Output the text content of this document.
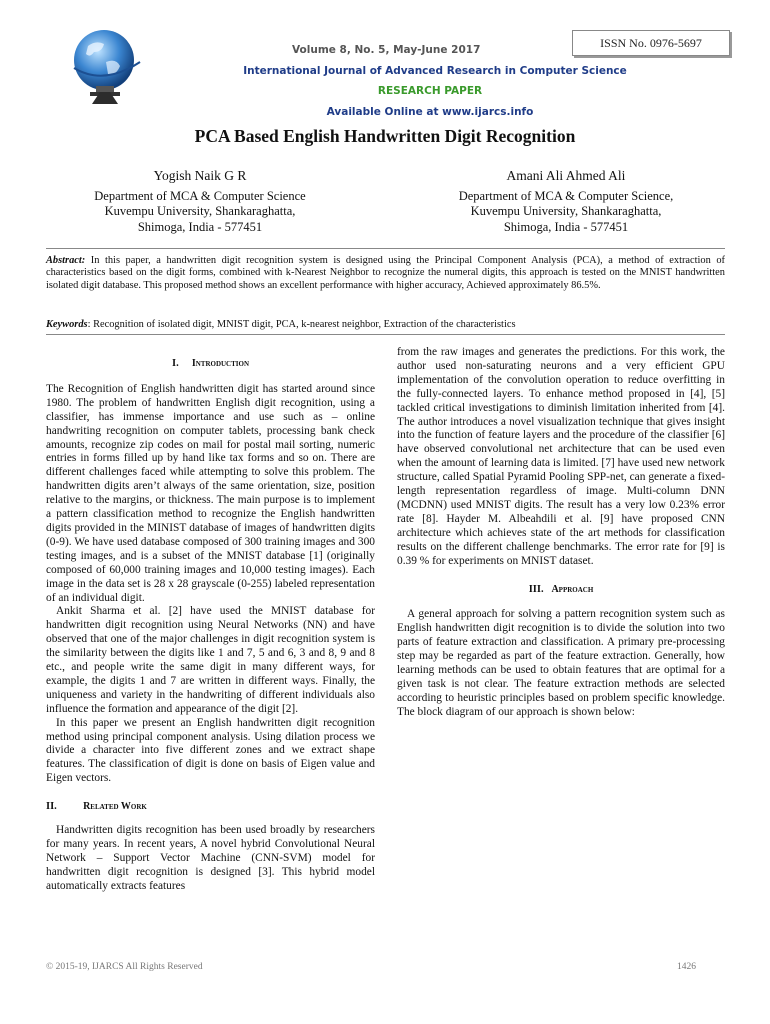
ISSN No. 0976-5697
Volume 8, No. 5, May-June 2017
International Journal of Advanced Research in Computer Science
RESEARCH PAPER
Available Online at www.ijarcs.info
PCA Based English Handwritten Digit Recognition
Yogish Naik G R
Department of MCA & Computer Science
Kuvempu University, Shankaraghatta,
Shimoga, India - 577451
Amani Ali Ahmed Ali
Department of MCA & Computer Science,
Kuvempu University, Shankaraghatta,
Shimoga, India - 577451
Abstract: In this paper, a handwritten digit recognition system is designed using the Principal Component Analysis (PCA), a method of extraction of characteristics based on the digit forms, combined with k-Nearest Neighbor to recognize the numeral digits, this approach is tested on the MNIST handwritten isolated digit database. This proposed method shows an excellent performance with higher accuracy, Achieved approximately 86.5%.
Keywords: Recognition of isolated digit, MNIST digit, PCA, k-nearest neighbor, Extraction of the characteristics
I. Introduction

The Recognition of English handwritten digit has started around since 1980. The problem of handwritten English digit recognition, using a classifier, has immense importance and use such as – online handwriting recognition on computer tablets, processing bank check amounts, recognize zip codes on mail for postal mail sorting, numeric entries in forms filled up by hand like tax forms and so on. There are different challenges faced while attempting to solve this problem. The handwritten digits aren’t always of the same orientation, size, position relative to the margins, or thickness. The main purpose is to implement a pattern classification method to recognize the English handwritten digits provided in the MINIST database of images of handwritten digits (0-9). We have used database composed of 300 training images and 300 testing images, and is a subset of the MNIST database [1] (originally composed of 60,000 training images and 10,000 testing images). Each image in the data set is 28 x 28 grayscale (0-255) labeled representation of an individual digit.

Ankit Sharma et al. [2] have used the MNIST database for handwritten digit recognition using Neural Networks (NN) and have observed that one of the major challenges in digit recognition system is the similarity between the digits like 1 and 7, 5 and 6, 3 and 8, 9 and 8 etc., and people write the same digit in many different ways, for example, the digits 1 and 7 are written in different ways. Finally, the uniqueness and variety in the handwriting of different individuals also influence the formation and appearance of the digit [2].

In this paper we present an English handwritten digit recognition method using principal component analysis. Using dilation process we divide a character into five different zones and we extract shape features. The classification of digit is done on basis of Eigen value and Eigen vectors.

II.	Related Work

Handwritten digits recognition has been used broadly by researchers for many years. In recent years, A novel hybrid Convolutional Neural Network – Support Vector Machine (CNN-SVM) model for handwritten digit recognition is designed [3]. This hybrid model automatically extracts features

from the raw images and generates the predictions. For this work, the author used non-saturating neurons and a very efficient GPU implementation of the convolution operation to reduce overfitting in the fully-connected layers. To enhance method proposed in [4], [5] tackled critical investigations to diminish limitation inherited from [4]. The author introduces a novel visualization technique that gives insight into the function of feature layers and the procedure of the classifier [6] have observed convolutional net architecture that can be used even when the amount of learning data is limited. [7] have used new network structure, called Spatial Pyramid Pooling SPP-net, can generate a fixed-length representation regardless of image. Multi-column DNN (MCDNN) used MNIST digits. The result has a very low 0.23% error rate [8]. Hayder M. Albeahdili et al. [9] have proposed CNN architecture which achieves state of the art methods for classification results on the different challenge benchmarks. The error rate for [9] is 0.39 % for experiments on MNIST dataset.

III. Approach

A general approach for solving a pattern recognition system such as English handwritten digit recognition is to divide the solution into two parts of feature extraction and classification. A primary pre-processing step may be regarded as part of the feature extraction. Generally, how learning methods can be used to obtain features that are optimal for a given task is not clear. The feature extraction methods are selected according to heuristic principles based on problem specific knowledge. The block diagram of our approach is shown below:

© 2015-19, IJARCS All Rights Reserved	1426
